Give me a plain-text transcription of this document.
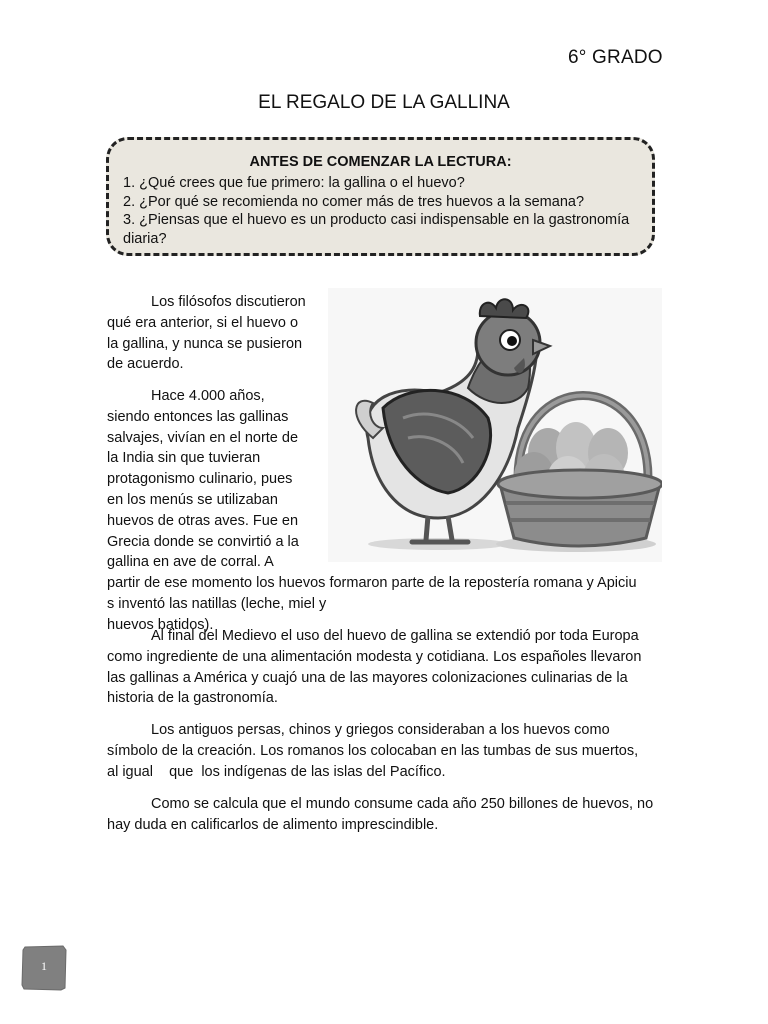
6° GRADO
EL REGALO DE LA GALLINA
ANTES DE COMENZAR LA LECTURA:
1. ¿Qué crees que fue primero: la gallina o el huevo?
2. ¿Por qué se recomienda no comer más de tres huevos a la semana?
3. ¿Piensas que el huevo es un producto casi indispensable en la gastronomía diaria?
Los filósofos discutieron
qué era anterior, si el huevo o
la gallina, y nunca se pusieron
de acuerdo.
Hace 4.000 años,
siendo entonces las gallinas
salvajes, vivían en el norte de
la India sin que tuvieran
protagonismo culinario, pues
en los menús se utilizaban
huevos de otras aves. Fue en
Grecia donde se convirtió a la
gallina en ave de corral. A
partir de ese momento los huevos formaron parte de la repostería romana y Apiciu
s inventó las natillas (leche, miel y huevos batidos).

Al final del Medievo el uso del huevo de gallina se extendió por toda Europa como ingrediente de una alimentación modesta y cotidiana. Los españoles llevaron las gallinas a América y cuajó una de las mayores colonizaciones culinarias de la historia de la gastronomía.

Los antiguos persas, chinos y griegos consideraban a los huevos como
símbolo de la creación. Los romanos los colocaban en las tumbas de sus muertos,
al igual    que  los indígenas de las islas del Pacífico.

Como se calcula que el mundo consume cada año 250 billones de huevos, no hay duda en calificarlos de alimento imprescindible.

1
